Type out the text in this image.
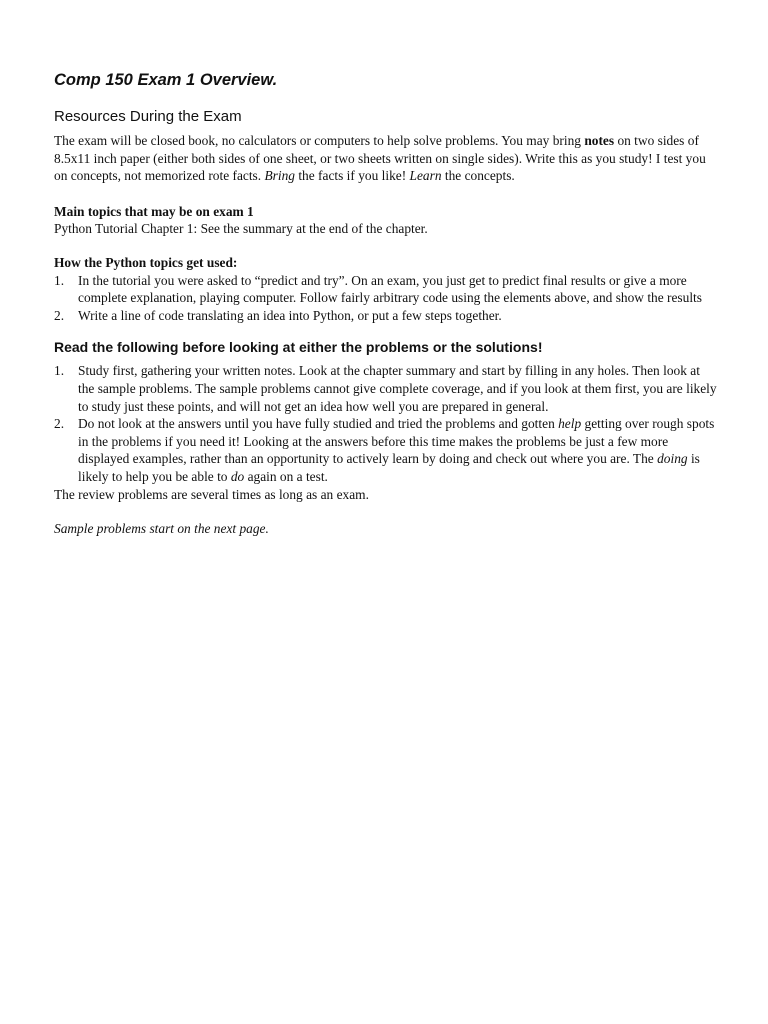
Comp 150 Exam 1 Overview.
Resources During the Exam

The exam will be closed book, no calculators or computers to help solve problems. You may bring notes on two sides of 8.5x11 inch paper (either both sides of one sheet, or two sheets written on single sides). Write this as you study! I test you on concepts, not memorized rote facts. Bring the facts if you like! Learn the concepts.

Main topics that may be on exam 1

Python Tutorial Chapter 1: See the summary at the end of the chapter.

How the Python topics get used:

1. In the tutorial you were asked to “predict and try”. On an exam, you just get to predict final results or give a more complete explanation, playing computer. Follow fairly arbitrary code using the elements above, and show the results
2. Write a line of code translating an idea into Python, or put a few steps together.
Read the following before looking at either the problems or the solutions!
1. Study first, gathering your written notes. Look at the chapter summary and start by filling in any holes. Then look at the sample problems. The sample problems cannot give complete coverage, and if you look at them first, you are likely to study just these points, and will not get an idea how well you are prepared in general.
2. Do not look at the answers until you have fully studied and tried the problems and gotten help getting over rough spots in the problems if you need it! Looking at the answers before this time makes the problems be just a few more displayed examples, rather than an opportunity to actively learn by doing and check out where you are. The doing is likely to help you be able to do again on a test.

The review problems are several times as long as an exam.

Sample problems start on the next page.
